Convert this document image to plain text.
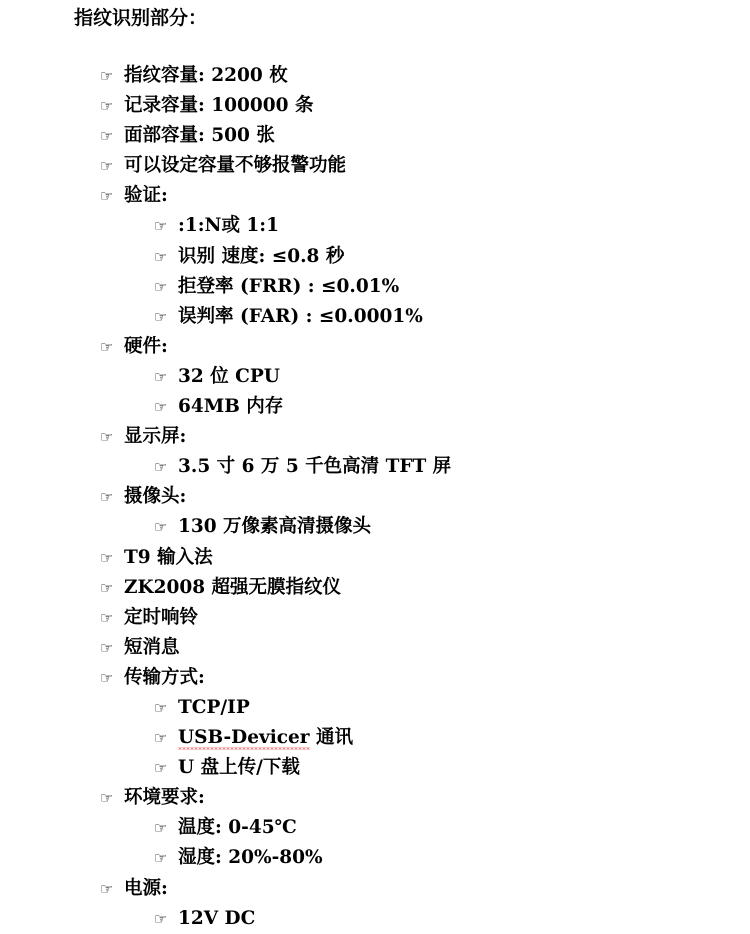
指纹识别部分：
☞ 指纹容量: 2200 枚
☞ 记录容量: 100000 条
☞ 面部容量: 500 张
☞ 可以设定容量不够报警功能
☞ 验证:
☞ :1:N或 1:1
☞ 识别 速度: ≤0.8 秒
☞ 拒登率 (FRR) : ≤0.01%
☞ 误判率 (FAR) : ≤0.0001%
☞ 硬件:
☞ 32 位 CPU
☞ 64MB 内存
☞ 显示屏:
☞ 3.5 寸 6 万 5 千色高清 TFT 屏
☞ 摄像头:
☞ 130 万像素高清摄像头
☞ T9 输入法
☞ ZK2008 超强无膜指纹仪
☞ 定时响铃
☞ 短消息
☞ 传输方式:
☞ TCP/IP
☞ USB-Devicer 通讯
☞ U 盘上传/下载
☞ 环境要求:
☞ 温度: 0-45℃
☞ 湿度: 20%-80%
☞ 电源:
☞ 12V DC
